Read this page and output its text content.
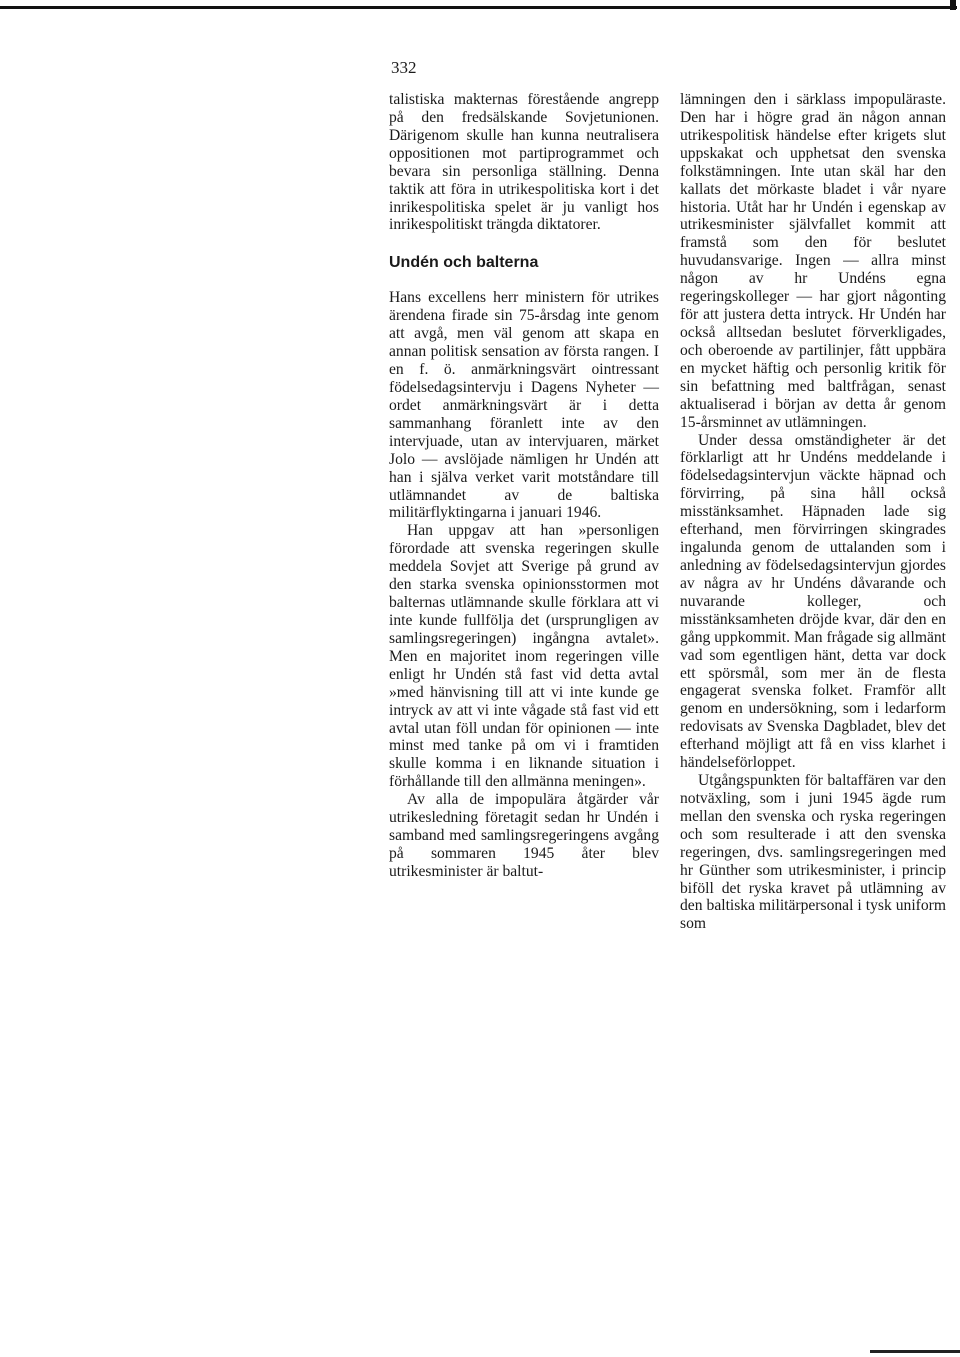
332

talistiska makternas förestående angrepp på den fredsälskande Sovjetunionen. Därigenom skulle han kunna neutralisera oppositionen mot partiprogrammet och bevara sin personliga ställning. Denna taktik att föra in utrikespolitiska kort i det inrikespolitiska spelet är ju vanligt hos inrikespolitiskt trängda diktatorer.

Undén och balterna

Hans excellens herr ministern för utrikes ärendena firade sin 75-årsdag inte genom att avgå, men väl genom att skapa en annan politisk sensation av första rangen. I en f. ö. anmärkningsvärt ointressant födelsedagsintervju i Dagens Nyheter — ordet anmärkningsvärt är i detta sammanhang föranlett inte av den intervjuade, utan av intervjuaren, märket Jolo — avslöjade nämligen hr Undén att han i själva verket varit motståndare till utlämnandet av de baltiska militärflyktingarna i januari 1946.

Han uppgav att han »personligen förordade att svenska regeringen skulle meddela Sovjet att Sverige på grund av den starka svenska opinionsstormen mot balternas utlämnande skulle förklara att vi inte kunde fullfölja det (ursprungligen av samlingsregeringen) ingångna avtalet». Men en majoritet inom regeringen ville enligt hr Undén stå fast vid detta avtal »med hänvisning till att vi inte kunde ge intryck av att vi inte vågade stå fast vid ett avtal utan föll undan för opinionen — inte minst med tanke på om vi i framtiden skulle komma i en liknande situation i förhållande till den allmänna meningen».

Av alla de impopulära åtgärder vår utrikesledning företagit sedan hr Undén i samband med samlingsregeringens avgång på sommaren 1945 åter blev utrikesminister är baltut-

lämningen den i särklass impopuläraste. Den har i högre grad än någon annan utrikespolitisk händelse efter krigets slut uppskakat och upphetsat den svenska folkstämningen. Inte utan skäl har den kallats det mörkaste bladet i vår nyare historia. Utåt har hr Undén i egenskap av utrikesminister självfallet kommit att framstå som den för beslutet huvudansvarige. Ingen — allra minst någon av hr Undéns egna regeringskolleger — har gjort någonting för att justera detta intryck. Hr Undén har också alltsedan beslutet förverkligades, och oberoende av partilinjer, fått uppbära en mycket häftig och personlig kritik för sin befattning med baltfrågan, senast aktualiserad i början av detta år genom 15-årsminnet av utlämningen.

Under dessa omständigheter är det förklarligt att hr Undéns meddelande i födelsedagsintervjun väckte häpnad och förvirring, på sina håll också misstänksamhet. Häpnaden lade sig efterhand, men förvirringen skingrades ingalunda genom de uttalanden som i anledning av födelsedagsintervjun gjordes av några av hr Undéns dåvarande och nuvarande kolleger, och misstänksamheten dröjde kvar, där den en gång uppkommit. Man frågade sig allmänt vad som egentligen hänt, detta var dock ett spörsmål, som mer än de flesta engagerat svenska folket. Framför allt genom en undersökning, som i ledarform redovisats av Svenska Dagbladet, blev det efterhand möjligt att få en viss klarhet i händelseförloppet.

Utgångspunkten för baltaffären var den notväxling, som i juni 1945 ägde rum mellan den svenska och ryska regeringen och som resulterade i att den svenska regeringen, dvs. samlingsregeringen med hr Günther som utrikesminister, i princip biföll det ryska kravet på utlämning av den baltiska militärpersonal i tysk uniform som
